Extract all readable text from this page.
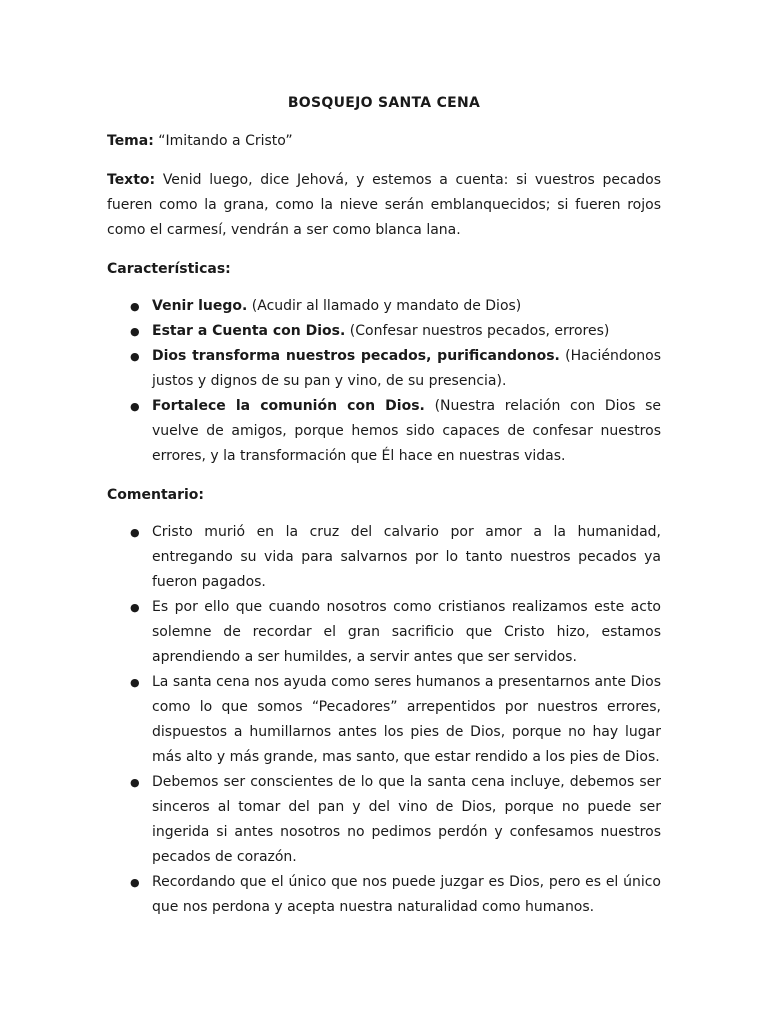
BOSQUEJO SANTA CENA

Tema: “Imitando a Cristo”

Texto: Venid luego, dice Jehová, y estemos a cuenta: si vuestros pecados fueren como la grana, como la nieve serán emblanquecidos; si fueren rojos como el carmesí, vendrán a ser como blanca lana.

Características:

● Venir luego. (Acudir al llamado y mandato de Dios)
● Estar a Cuenta con Dios. (Confesar nuestros pecados, errores)
● Dios transforma nuestros pecados, purificandonos. (Haciéndonos justos y dignos de su pan y vino, de su presencia).
● Fortalece la comunión con Dios. (Nuestra relación con Dios se vuelve de amigos, porque hemos sido capaces de confesar nuestros errores, y la transformación que Él hace en nuestras vidas.

Comentario:

● Cristo murió en la cruz del calvario por amor a la humanidad, entregando su vida para salvarnos por lo tanto nuestros pecados ya fueron pagados.
● Es por ello que cuando nosotros como cristianos realizamos este acto solemne de recordar el gran sacrificio que Cristo hizo, estamos aprendiendo a ser humildes, a servir antes que ser servidos.
● La santa cena nos ayuda como seres humanos a presentarnos ante Dios como lo que somos “Pecadores” arrepentidos por nuestros errores, dispuestos a humillarnos antes los pies de Dios, porque no hay lugar más alto y más grande, mas santo, que estar rendido a los pies de Dios.
● Debemos ser conscientes de lo que la santa cena incluye, debemos ser sinceros al tomar del pan y del vino de Dios, porque no puede ser ingerida si antes nosotros no pedimos perdón y confesamos nuestros pecados de corazón.
● Recordando que el único que nos puede juzgar es Dios, pero es el único que nos perdona y acepta nuestra naturalidad como humanos.
